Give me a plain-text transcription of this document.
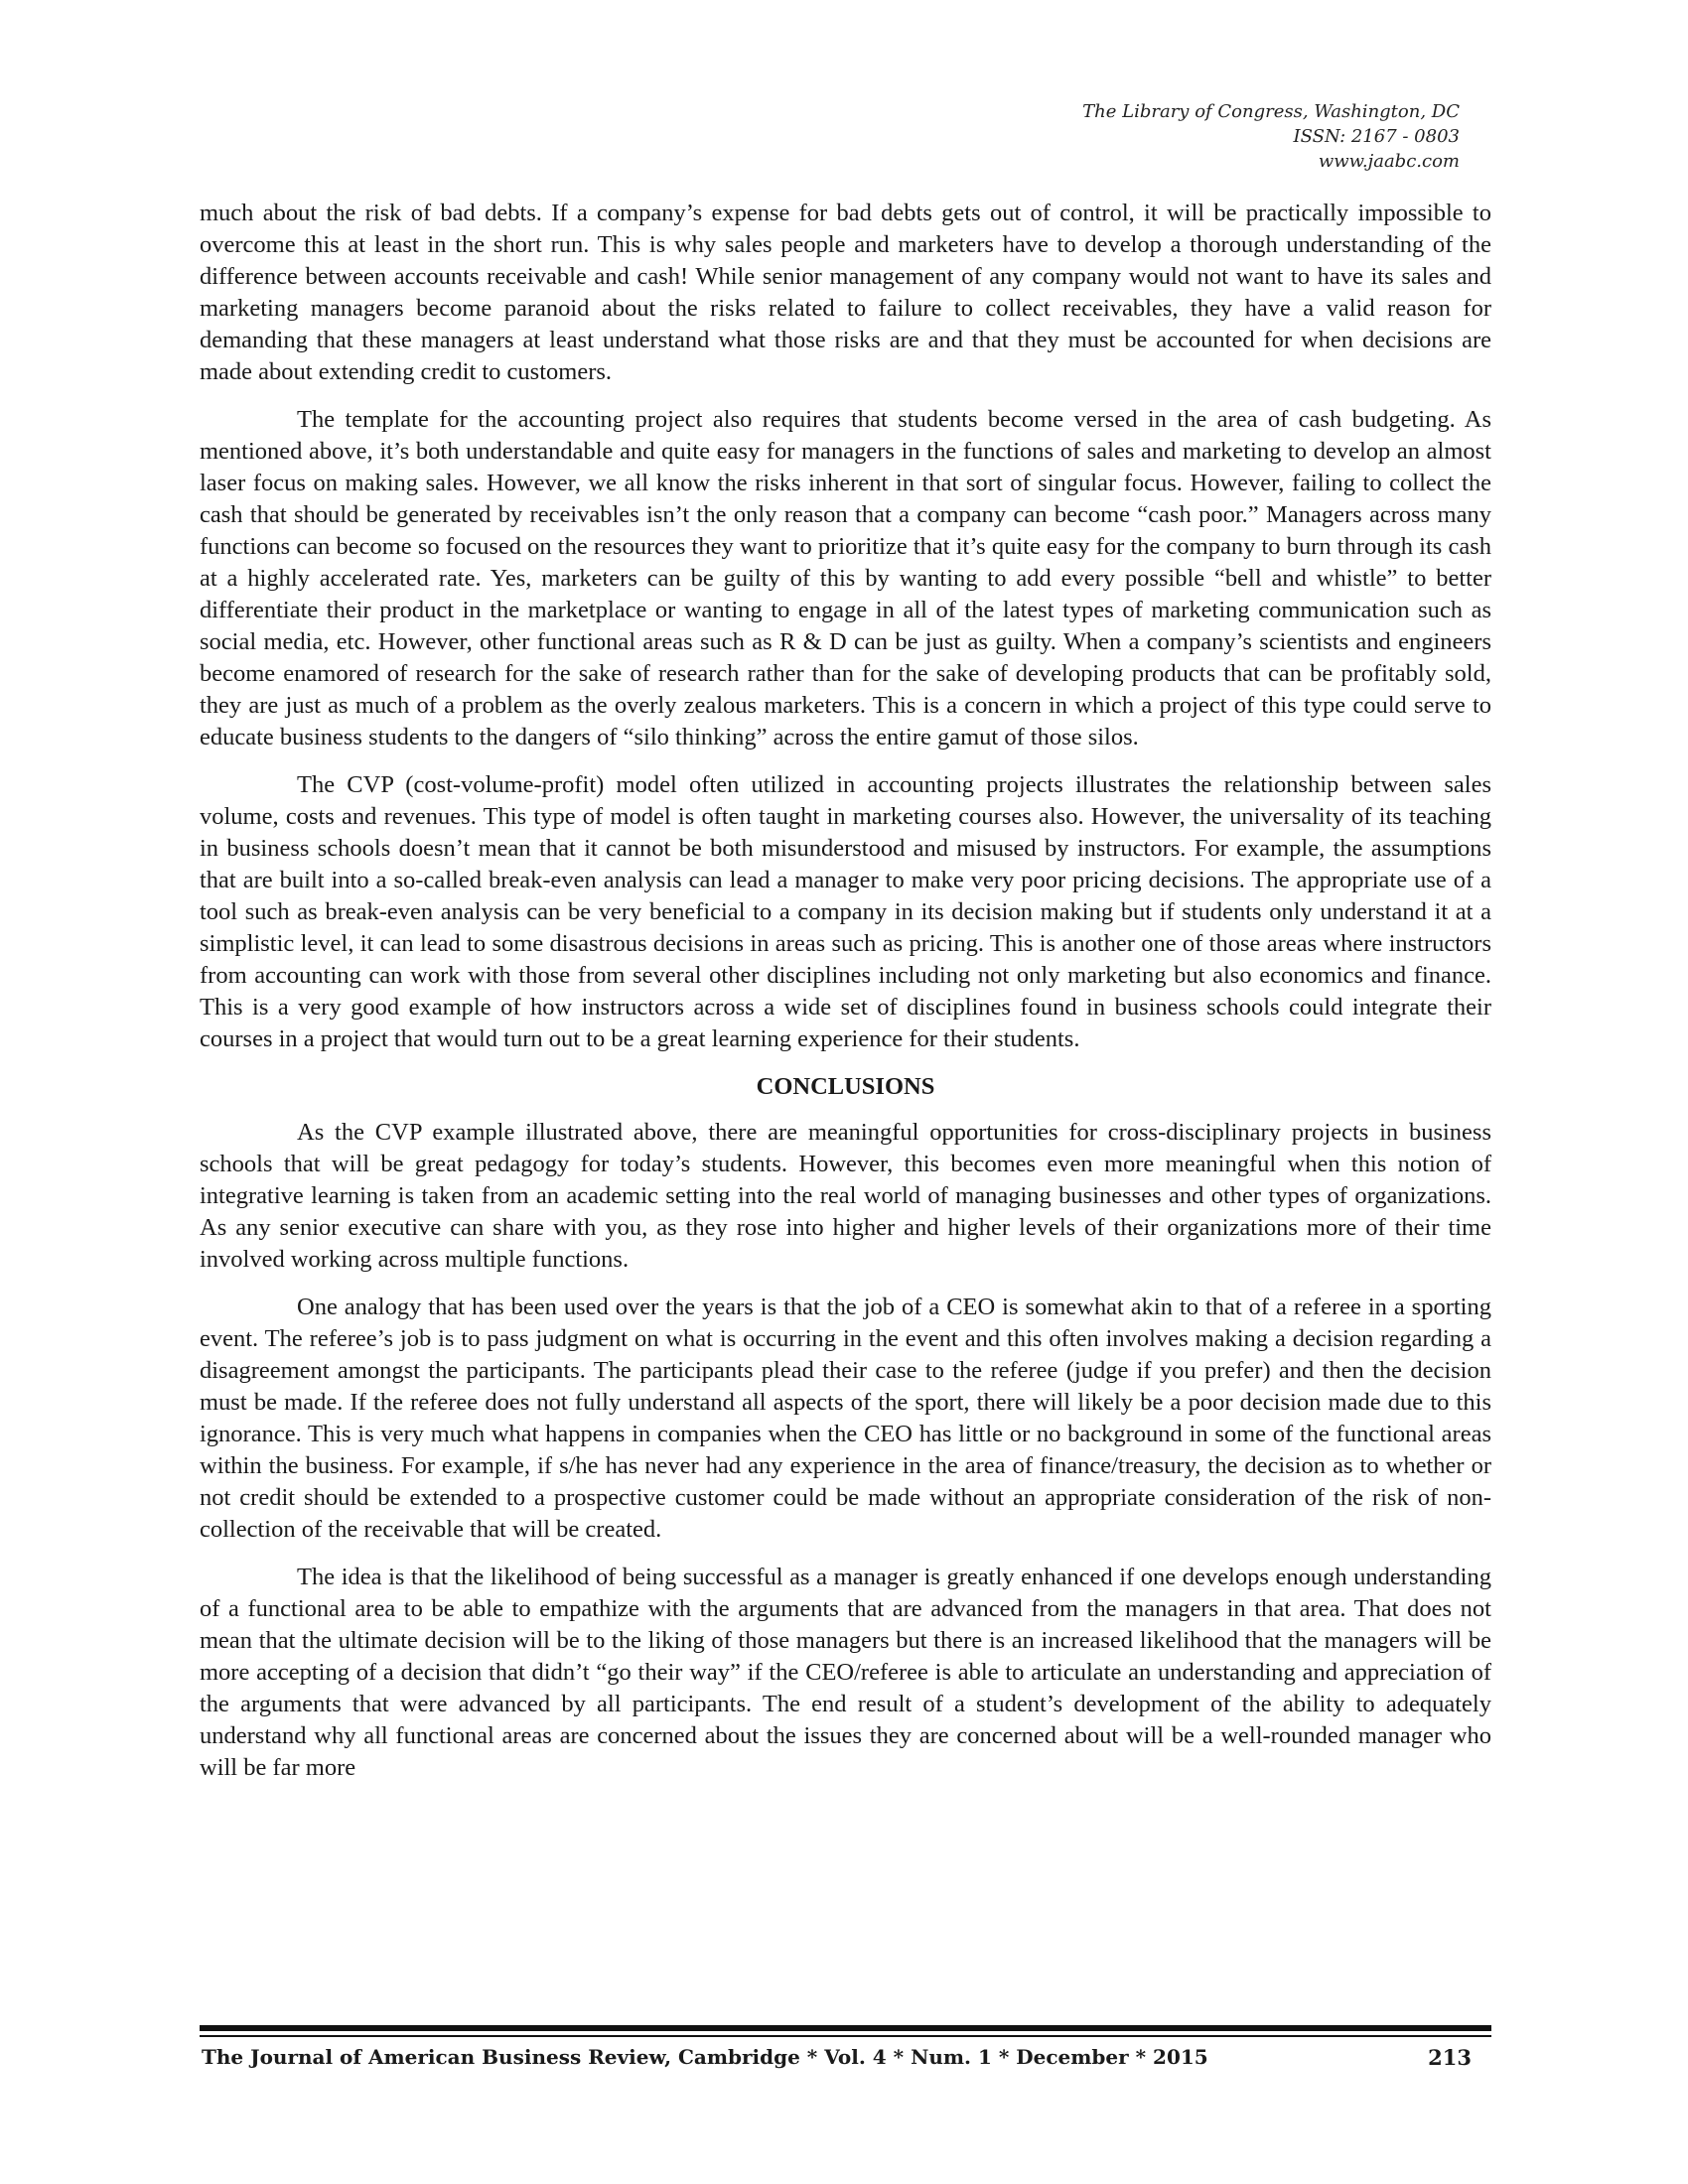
The Library of Congress, Washington, DC
ISSN: 2167 - 0803
www.jaabc.com

much about the risk of bad debts. If a company’s expense for bad debts gets out of control, it will be practically impossible to overcome this at least in the short run. This is why sales people and marketers have to develop a thorough understanding of the difference between accounts receivable and cash! While senior management of any company would not want to have its sales and marketing managers become paranoid about the risks related to failure to collect receivables, they have a valid reason for demanding that these managers at least understand what those risks are and that they must be accounted for when decisions are made about extending credit to customers.

The template for the accounting project also requires that students become versed in the area of cash budgeting. As mentioned above, it’s both understandable and quite easy for managers in the functions of sales and marketing to develop an almost laser focus on making sales. However, we all know the risks inherent in that sort of singular focus. However, failing to collect the cash that should be generated by receivables isn’t the only reason that a company can become “cash poor.” Managers across many functions can become so focused on the resources they want to prioritize that it’s quite easy for the company to burn through its cash at a highly accelerated rate. Yes, marketers can be guilty of this by wanting to add every possible “bell and whistle” to better differentiate their product in the marketplace or wanting to engage in all of the latest types of marketing communication such as social media, etc. However, other functional areas such as R & D can be just as guilty. When a company’s scientists and engineers become enamored of research for the sake of research rather than for the sake of developing products that can be profitably sold, they are just as much of a problem as the overly zealous marketers. This is a concern in which a project of this type could serve to educate business students to the dangers of “silo thinking” across the entire gamut of those silos.

The CVP (cost-volume-profit) model often utilized in accounting projects illustrates the relationship between sales volume, costs and revenues. This type of model is often taught in marketing courses also. However, the universality of its teaching in business schools doesn’t mean that it cannot be both misunderstood and misused by instructors. For example, the assumptions that are built into a so-called break-even analysis can lead a manager to make very poor pricing decisions. The appropriate use of a tool such as break-even analysis can be very beneficial to a company in its decision making but if students only understand it at a simplistic level, it can lead to some disastrous decisions in areas such as pricing. This is another one of those areas where instructors from accounting can work with those from several other disciplines including not only marketing but also economics and finance. This is a very good example of how instructors across a wide set of disciplines found in business schools could integrate their courses in a project that would turn out to be a great learning experience for their students.

CONCLUSIONS

As the CVP example illustrated above, there are meaningful opportunities for cross-disciplinary projects in business schools that will be great pedagogy for today’s students. However, this becomes even more meaningful when this notion of integrative learning is taken from an academic setting into the real world of managing businesses and other types of organizations. As any senior executive can share with you, as they rose into higher and higher levels of their organizations more of their time involved working across multiple functions.

One analogy that has been used over the years is that the job of a CEO is somewhat akin to that of a referee in a sporting event. The referee’s job is to pass judgment on what is occurring in the event and this often involves making a decision regarding a disagreement amongst the participants. The participants plead their case to the referee (judge if you prefer) and then the decision must be made. If the referee does not fully understand all aspects of the sport, there will likely be a poor decision made due to this ignorance. This is very much what happens in companies when the CEO has little or no background in some of the functional areas within the business. For example, if s/he has never had any experience in the area of finance/treasury, the decision as to whether or not credit should be extended to a prospective customer could be made without an appropriate consideration of the risk of non-collection of the receivable that will be created.

The idea is that the likelihood of being successful as a manager is greatly enhanced if one develops enough understanding of a functional area to be able to empathize with the arguments that are advanced from the managers in that area. That does not mean that the ultimate decision will be to the liking of those managers but there is an increased likelihood that the managers will be more accepting of a decision that didn’t “go their way” if the CEO/referee is able to articulate an understanding and appreciation of the arguments that were advanced by all participants. The end result of a student’s development of the ability to adequately understand why all functional areas are concerned about the issues they are concerned about will be a well-rounded manager who will be far more

The Journal of American Business Review, Cambridge * Vol. 4 * Num. 1 * December * 2015	213
